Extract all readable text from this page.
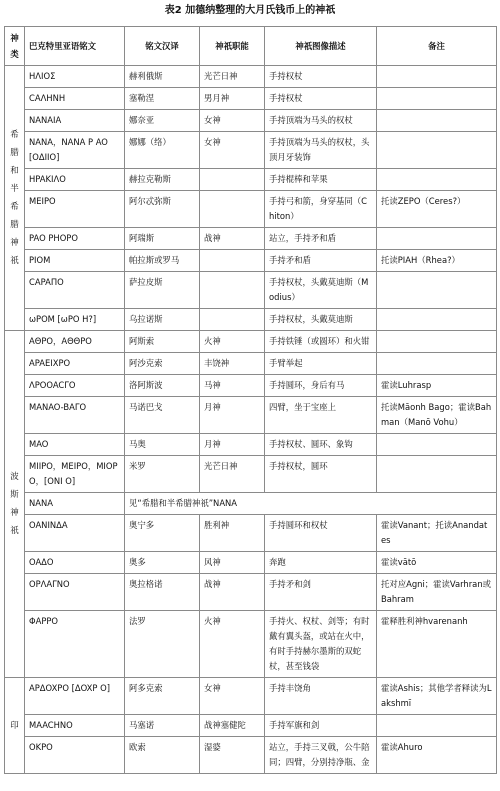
表2 加德纳整理的大月氏钱币上的神祇
神类	巴克特里亚语铭文	铭文汉译	神祇职能	神祇图像描述	备注
希腊和半希腊神祇	ΗΛΙΟΣ	赫利俄斯	光芒日神	手持权杖	
	CAΛHNH	塞勒涅	男月神	手持权杖	
	NANAIA	娜奈亚	女神	手持顶端为马头的权杖	
	NANA，NANA P AO [OΔIIO]	娜娜（络）	女神	手持顶端为马头的权杖，头顶月牙装饰	
	HPAKIΛO	赫拉克勒斯		手持棍棒和苹果	
	MEIPO	阿尔忒弥斯		手持弓和箭，身穿基同（Chiton）	托读ZEPO（Ceres?）
	PAO PHOPO	阿瑞斯	战神	站立，手持矛和盾	
	PIOM	帕拉斯或罗马		手持矛和盾	托读PIAH（Rhea?）
	CAPAΠO	萨拉皮斯		手持权杖，头戴莫迪斯（Modius）	
	ωPOM [ωPO H?]	乌拉诺斯		手持权杖，头戴莫迪斯	
波斯神祇	AΘPO，AΘΘPO	阿斯索	火神	手持铁锤（或圆环）和火钳	
	APAEIXPO	阿沙克索	丰饶神	手臂举起	
	ΛPOOACΓO	洛阿斯波	马神	手持圆环，身后有马	霍读Luhrasp
	MANAO-BAΓO	马诺巴戈	月神	四臂，坐于宝座上	托读Māonh Bago；霍读Bahman（Manō Vohu）
	MAO	马奥	月神	手持权杖、圆环、象钩	
	MIIPO，MEIPO，MIOPO，[ONI O]	米罗	光芒日神	手持权杖，圆环	
	NANA	见“希腊和半希腊神祇”NANA			
	OANINΔA	奥宁多	胜利神	手持圆环和权杖	霍读Vanant；托读Anandates
	OAΔO	奥多	风神	奔跑	霍读vātō
	OPΛAΓNO	奥拉格诺	战神	手持矛和剑	托对应Agni；霍读Varhran或Bahram
	ΦAPPO	法罗	火神	手持火、权杖、剑等；有时戴有翼头盔，或站在火中，有时手持赫尔墨斯的双蛇杖，甚至钱袋	霍释胜利神hvarenanh
印	APΔOXPO [ΔOXP O]	阿多克索	女神	手持丰饶角	霍读Ashis；其他学者释读为Lakshmī
	MAACHNO	马塞诺	战神塞健陀	手持军旗和剑	
	OKPO	欧索	湿婆	站立，手持三叉戟，公牛陪同；四臂，分别持净瓶、金	霍读Ahuro
